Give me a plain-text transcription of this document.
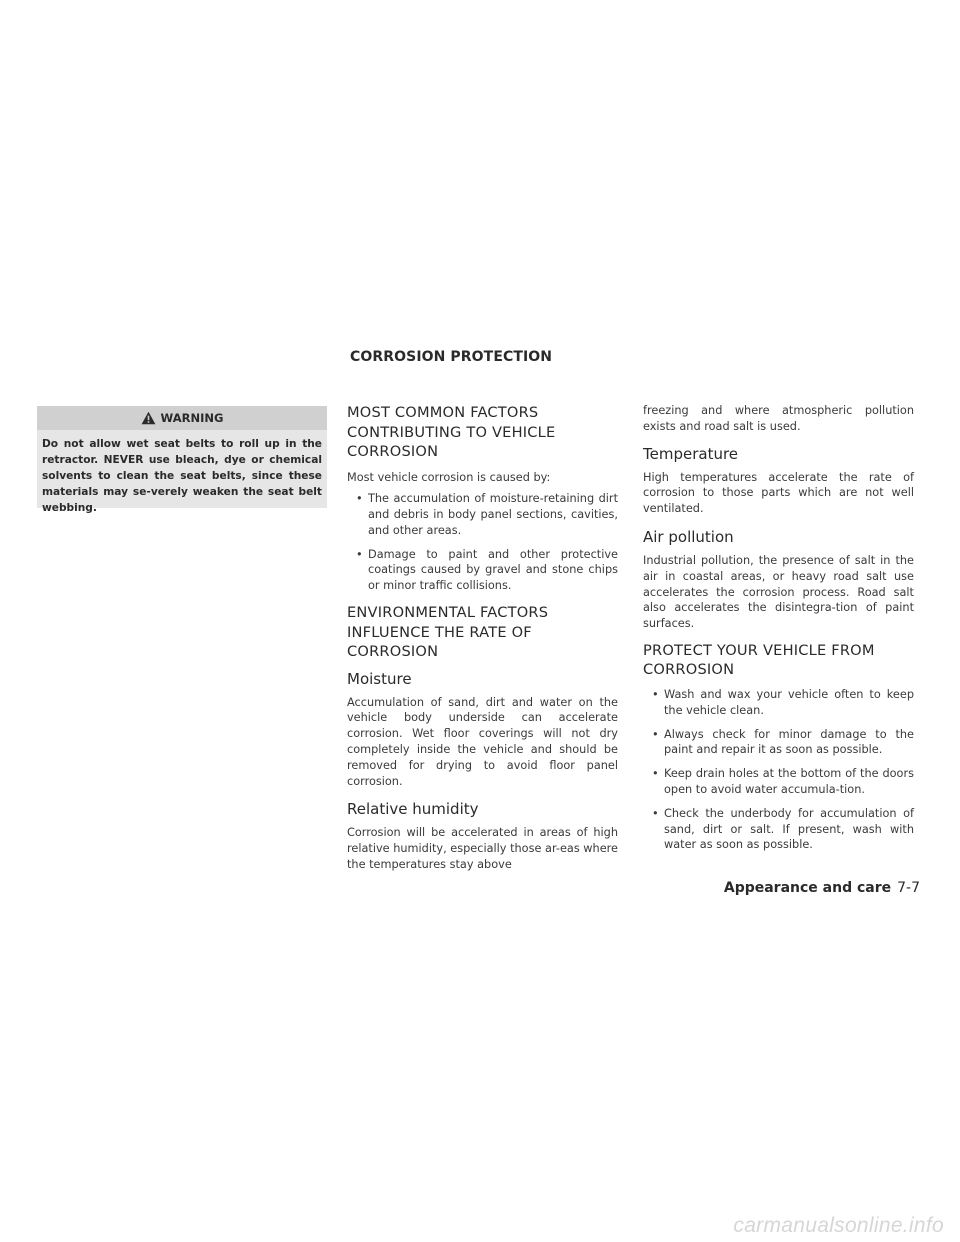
CORROSION PROTECTION
WARNING
Do not allow wet seat belts to roll up in the retractor. NEVER use bleach, dye or chemical solvents to clean the seat belts, since these materials may se-verely weaken the seat belt webbing.
MOST COMMON FACTORS CONTRIBUTING TO VEHICLE CORROSION

Most vehicle corrosion is caused by:

• The accumulation of moisture-retaining dirt and debris in body panel sections, cavities, and other areas.
• Damage to paint and other protective coatings caused by gravel and stone chips or minor traffic collisions.
ENVIRONMENTAL FACTORS INFLUENCE THE RATE OF CORROSION
Moisture

Accumulation of sand, dirt and water on the vehicle body underside can accelerate corrosion. Wet floor coverings will not dry completely inside the vehicle and should be removed for drying to avoid floor panel corrosion.

Relative humidity

Corrosion will be accelerated in areas of high relative humidity, especially those ar-eas where the temperatures stay above

freezing and where atmospheric pollution exists and road salt is used.

Temperature

High temperatures accelerate the rate of corrosion to those parts which are not well ventilated.

Air pollution

Industrial pollution, the presence of salt in the air in coastal areas, or heavy road salt use accelerates the corrosion process. Road salt also accelerates the disintegra-tion of paint surfaces.

PROTECT YOUR VEHICLE FROM CORROSION
• Wash and wax your vehicle often to keep the vehicle clean.
• Always check for minor damage to the paint and repair it as soon as possible.
• Keep drain holes at the bottom of the doors open to avoid water accumula-tion.
• Check the underbody for accumulation of sand, dirt or salt. If present, wash with water as soon as possible.
Appearance and care 7-7
carmanualsonline.info
